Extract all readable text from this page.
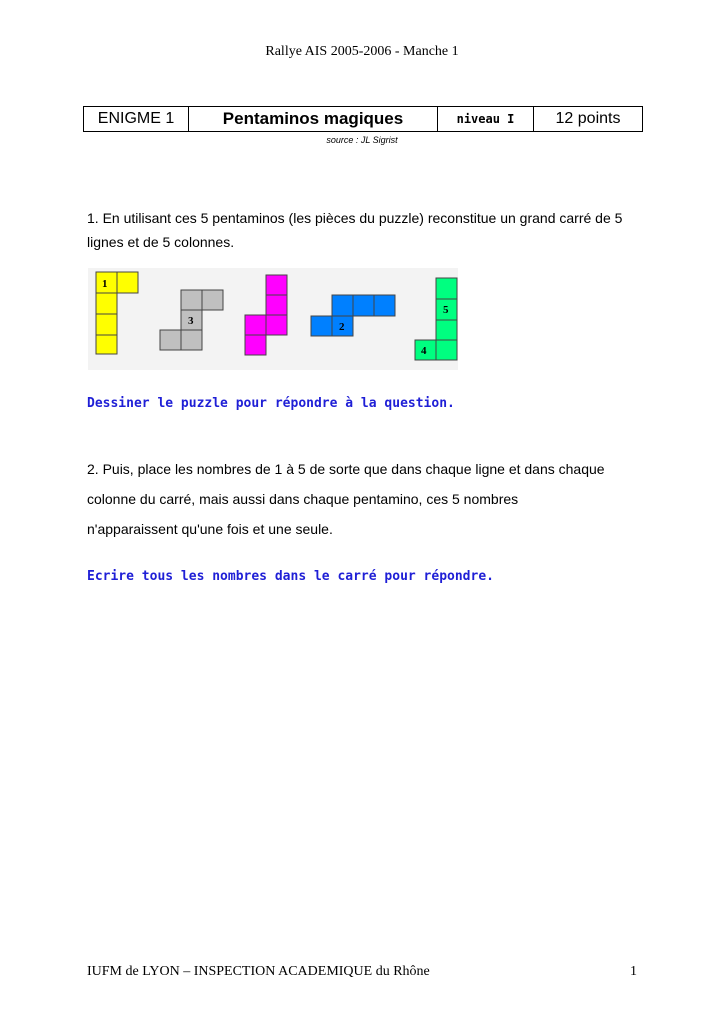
Rallye AIS 2005-2006 - Manche 1
ENIGME 1	Pentaminos magiques	niveau I	12 points
source : JL Sigrist
1. En utilisant ces 5 pentaminos (les pièces du puzzle) reconstitue un grand carré de 5 lignes et de 5 colonnes.
1
3	2
5
4
Dessiner le puzzle pour répondre à la question.
2. Puis, place les nombres de 1 à 5 de sorte que dans chaque ligne et dans chaque
colonne du carré, mais aussi dans chaque pentamino, ces 5 nombres
n'apparaissent qu'une fois et une seule.
Ecrire tous les nombres dans le carré pour répondre.
IUFM de LYON – INSPECTION ACADEMIQUE du Rhône	1
